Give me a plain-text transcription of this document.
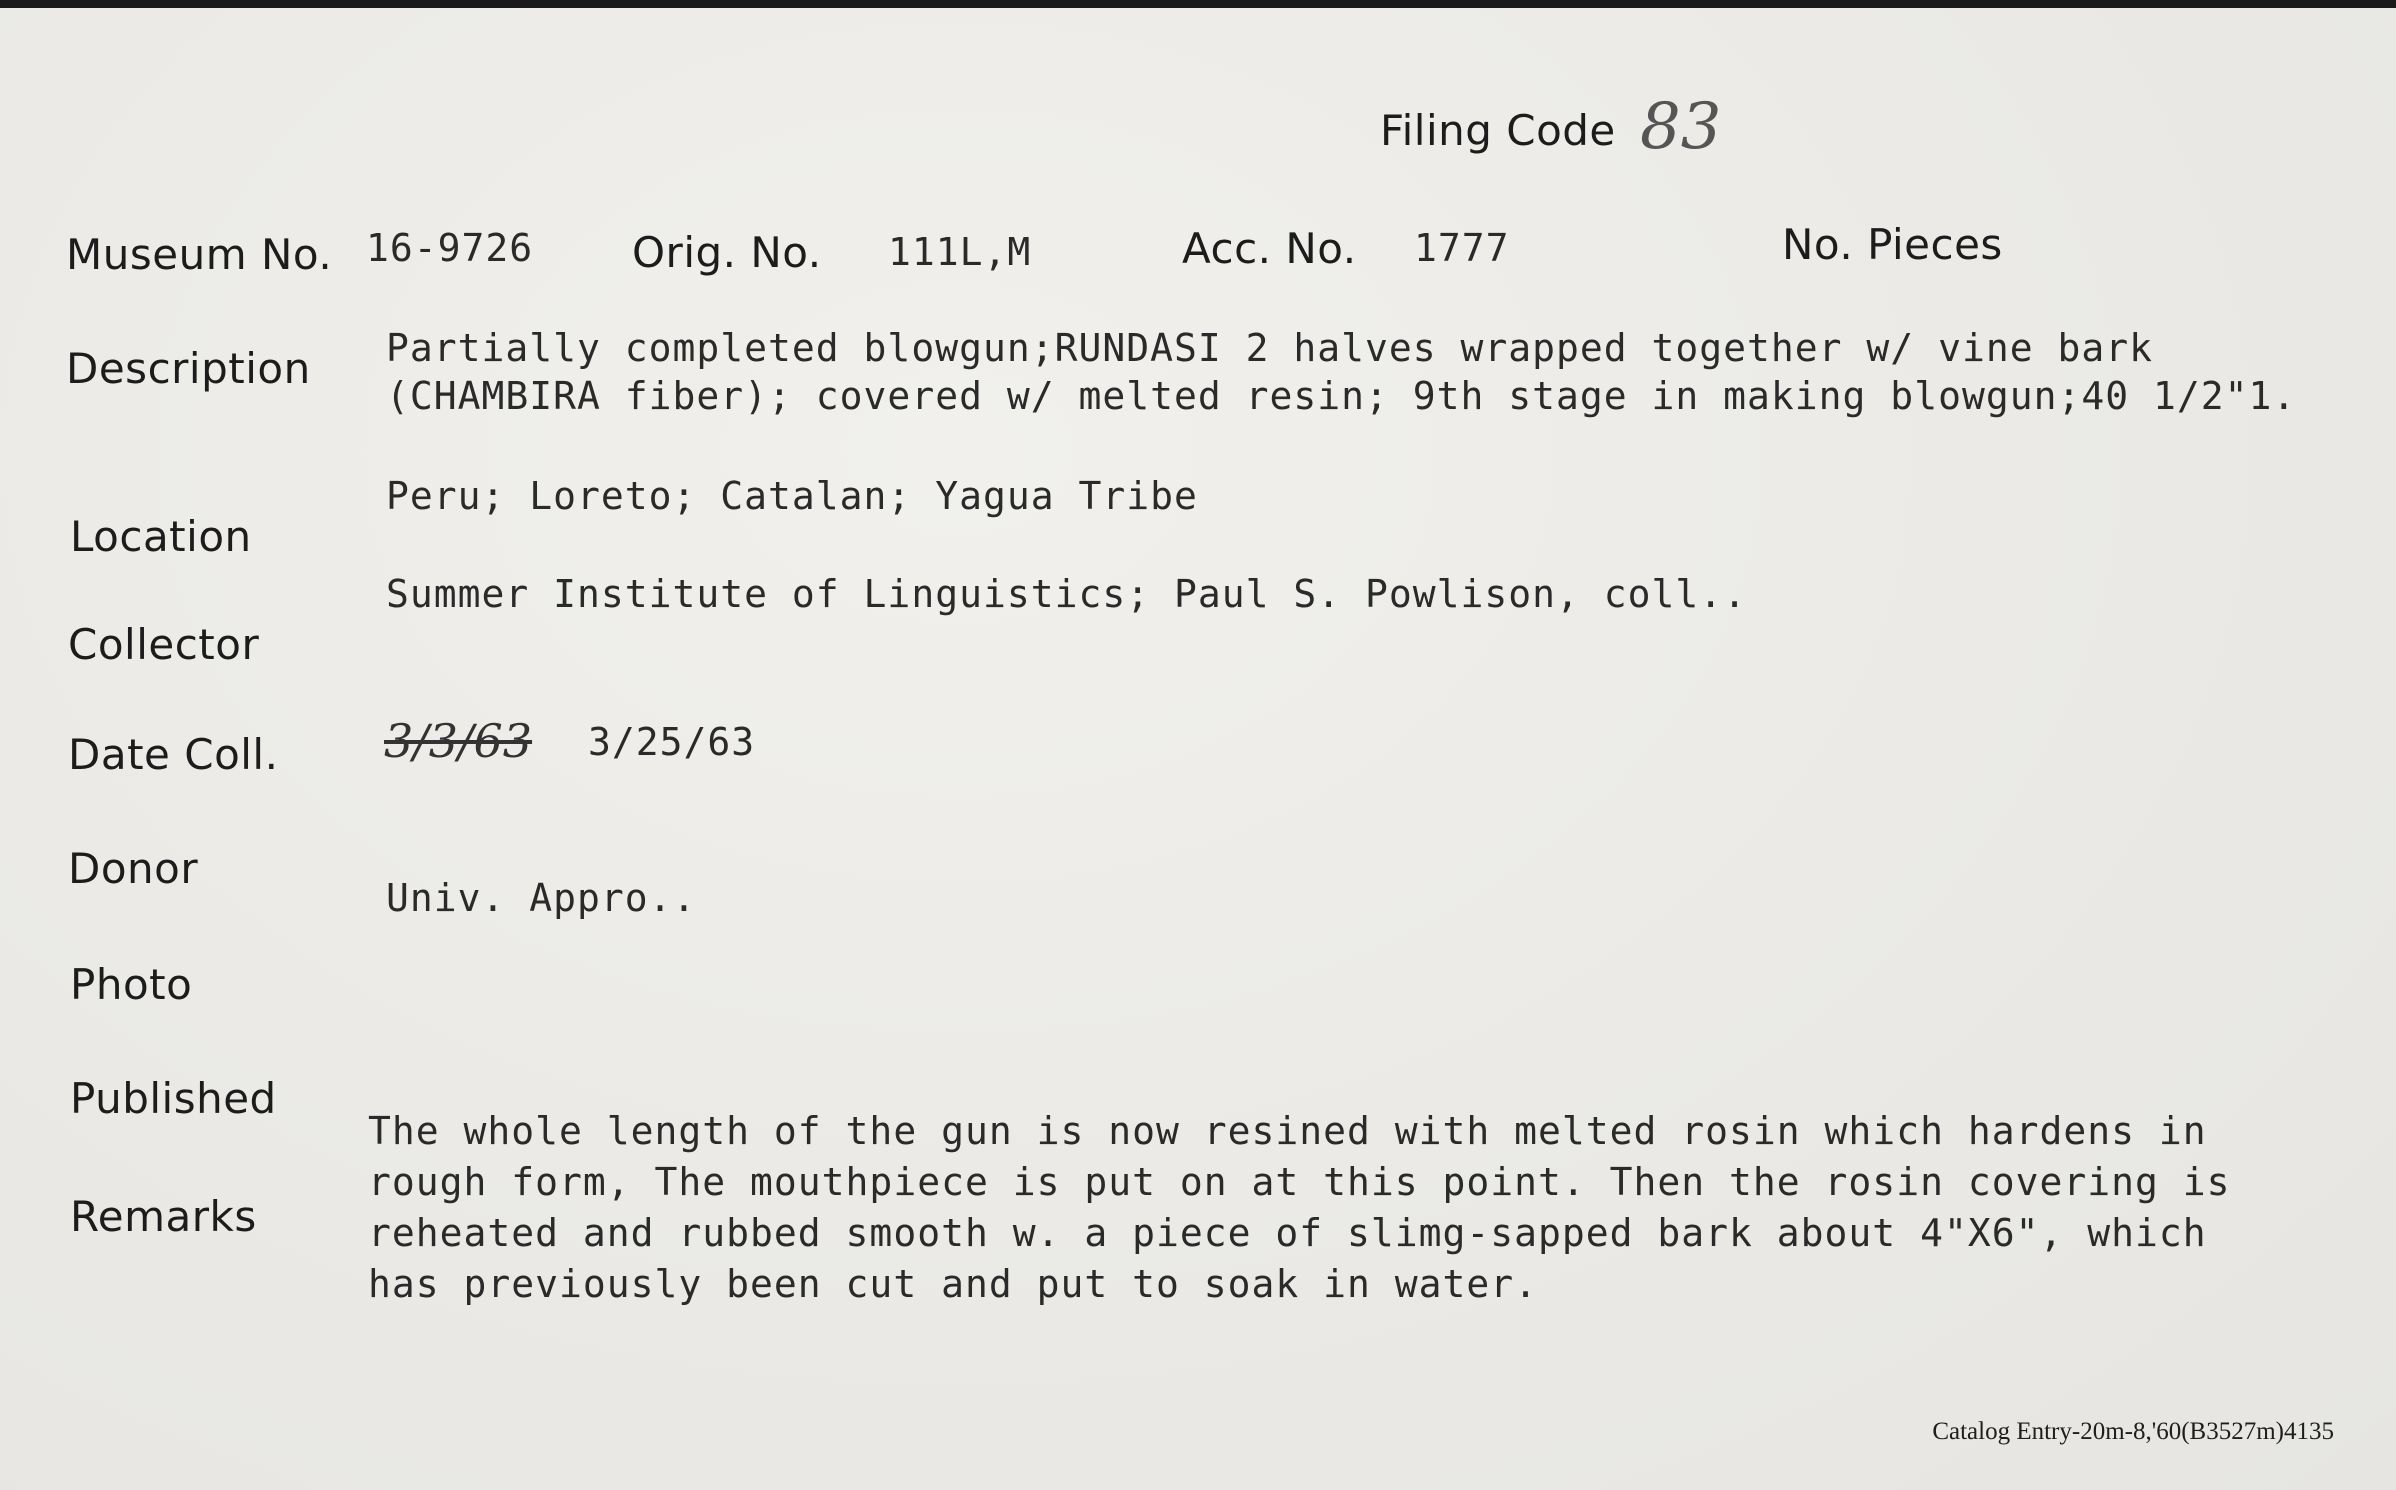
Filing Code 83
Museum No. 16-9726 Orig. No. 111L,M	Acc. No. 1777	No. Pieces
Description Partially completed blowgun;RUNDASI 2 halves wrapped together w/ vine bark
(CHAMBIRA fiber); covered w/ melted resin; 9th stage in making blowgun;40 1/2"1.
Peru; Loreto; Catalan; Yagua Tribe
Location
Summer Institute of Linguistics; Paul S. Powlison, coll..
Collector
Date Coll. 3/3/63 3/25/63
Donor
Univ. Appro..
Photo
Published
Remarks
The whole length of the gun is now resined with melted rosin which hardens in
rough form, The mouthpiece is put on at this point. Then the rosin covering is
reheated and rubbed smooth w. a piece of slimg-sapped bark about 4"X6", which
has previously been cut and put to soak in water.
Catalog Entry-20m-8,'60(B3527m)4135
